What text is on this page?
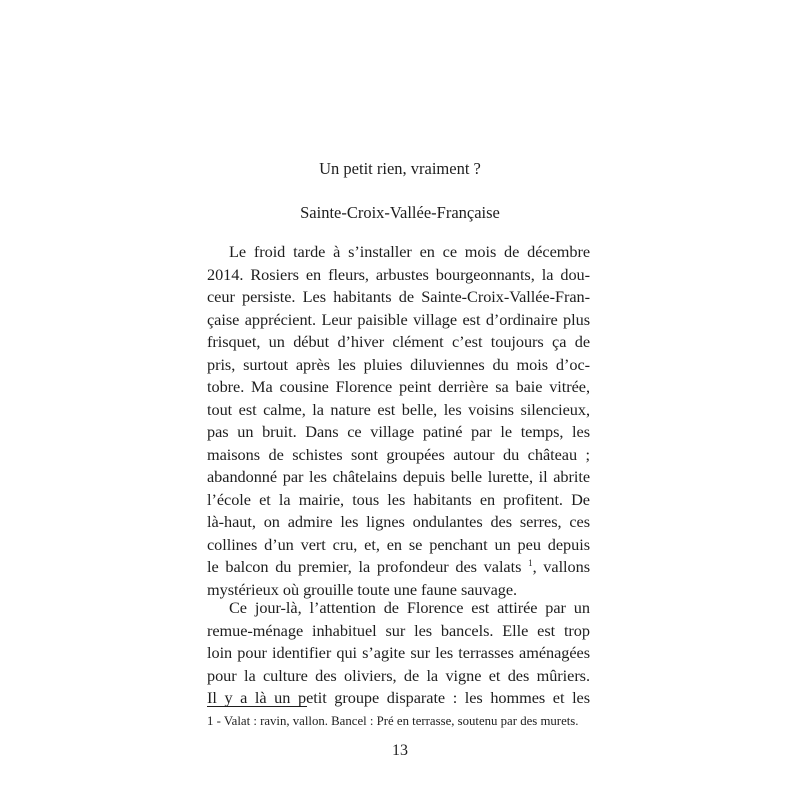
Un petit rien, vraiment ?
Sainte-Croix-Vallée-Française
Le froid tarde à s’installer en ce mois de décembre
2014. Rosiers en fleurs, arbustes bourgeonnants, la dou-
ceur persiste. Les habitants de Sainte-Croix-Vallée-Fran-
çaise apprécient. Leur paisible village est d’ordinaire plus
frisquet, un début d’hiver clément c’est toujours ça de
pris, surtout après les pluies diluviennes du mois d’oc-
tobre. Ma cousine Florence peint derrière sa baie vitrée,
tout est calme, la nature est belle, les voisins silencieux,
pas un bruit. Dans ce village patiné par le temps, les
maisons de schistes sont groupées autour du château ;
abandonné par les châtelains depuis belle lurette, il abrite
l’école et la mairie, tous les habitants en profitent. De
là-haut, on admire les lignes ondulantes des serres, ces
collines d’un vert cru, et, en se penchant un peu depuis
le balcon du premier, la profondeur des valats $^1$, vallons
mystérieux où grouille toute une faune sauvage.
Ce jour-là, l’attention de Florence est attirée par un
remue-ménage inhabituel sur les bancels. Elle est trop
loin pour identifier qui s’agite sur les terrasses aménagées
pour la culture des oliviers, de la vigne et des mûriers.
Il y a là un petit groupe disparate : les hommes et les

1 - Valat : ravin, vallon. Bancel : Pré en terrasse, soutenu par des murets.

13
